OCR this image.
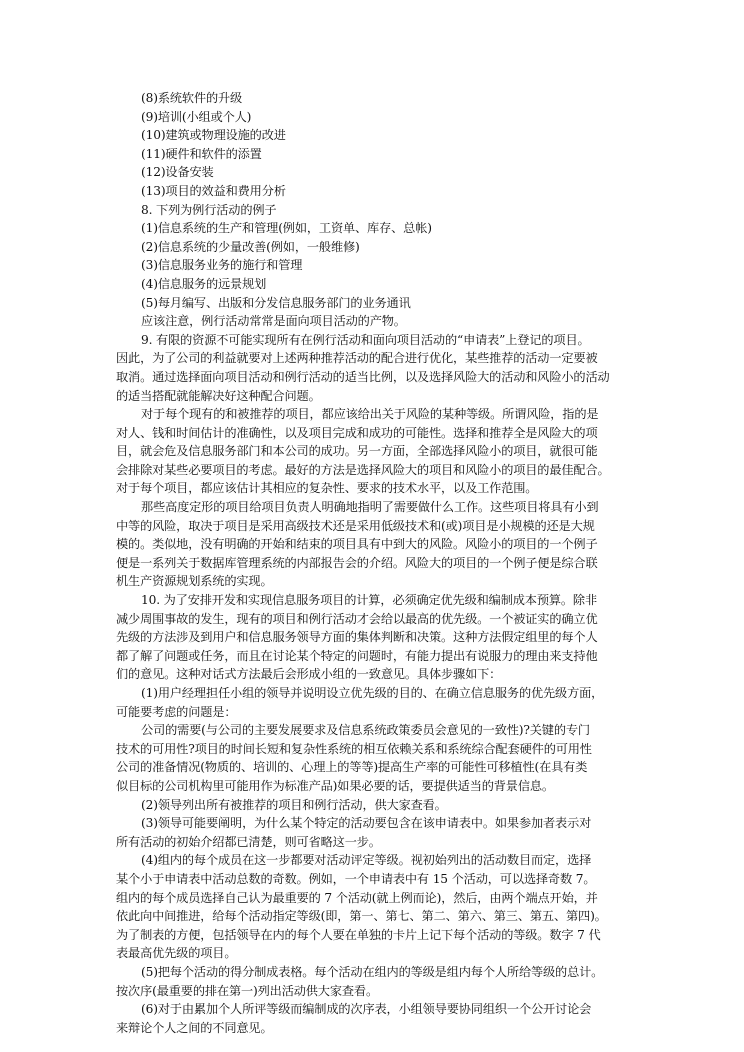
(8)系统软件的升级
(9)培训(小组或个人)
(10)建筑或物理设施的改进
(11)硬件和软件的添置
(12)设备安装
(13)项目的效益和费用分析
8. 下列为例行活动的例子
(1)信息系统的生产和管理(例如，工资单、库存、总帐)
(2)信息系统的少量改善(例如，一般维修)
(3)信息服务业务的施行和管理
(4)信息服务的远景规划
(5)每月编写、出版和分发信息服务部门的业务通讯
应该注意，例行活动常常是面向项目活动的产物。
9. 有限的资源不可能实现所有在例行活动和面向项目活动的“申请表”上登记的项目。
因此，为了公司的利益就要对上述两种推荐活动的配合进行优化，某些推荐的活动一定要被
取消。通过选择面向项目活动和例行活动的适当比例，以及选择风险大的活动和风险小的活动
的适当搭配就能解决好这种配合问题。
对于每个现有的和被推荐的项目，都应该给出关于风险的某种等级。所谓风险，指的是
对人、钱和时间估计的准确性，以及项目完成和成功的可能性。选择和推荐全是风险大的项
目，就会危及信息服务部门和本公司的成功。另一方面，全部选择风险小的项目，就很可能
会排除对某些必要项目的考虑。最好的方法是选择风险大的项目和风险小的项目的最佳配合。
对于每个项目，都应该估计其相应的复杂性、要求的技术水平，以及工作范围。
那些高度定形的项目给项目负责人明确地指明了需要做什么工作。这些项目将具有小到
中等的风险，取决于项目是采用高级技术还是采用低级技术和(或)项目是小规模的还是大规
模的。类似地，没有明确的开始和结束的项目具有中到大的风险。风险小的项目的一个例子
便是一系列关于数据库管理系统的内部报告会的介绍。风险大的项目的一个例子便是综合联
机生产资源规划系统的实现。
10. 为了安排开发和实现信息服务项目的计算，必须确定优先级和编制成本预算。除非
减少周围事故的发生，现有的项目和例行活动才会给以最高的优先级。一个被证实的确立优
先级的方法涉及到用户和信息服务领导方面的集体判断和决策。这种方法假定组里的每个人
都了解了问题或任务，而且在讨论某个特定的问题时，有能力提出有说服力的理由来支持他
们的意见。这种对话式方法最后会形成小组的一致意见。具体步骤如下：
(1)用户经理担任小组的领导并说明设立优先级的目的、在确立信息服务的优先级方面，
可能要考虑的问题是：
公司的需要(与公司的主要发展要求及信息系统政策委员会意见的一致性)?关键的专门
技术的可用性?项目的时间长短和复杂性系统的相互依赖关系和系统综合配套硬件的可用性
公司的准备情况(物质的、培训的、心理上的等等)提高生产率的可能性可移植性(在具有类
似目标的公司机构里可能用作为标准产品)如果必要的话，要提供适当的背景信息。
(2)领导列出所有被推荐的项目和例行活动，供大家查看。
(3)领导可能要阐明，为什么某个特定的活动要包含在该申请表中。如果参加者表示对
所有活动的初始介绍都已清楚，则可省略这一步。
(4)组内的每个成员在这一步都要对活动评定等级。视初始列出的活动数目而定，选择
某个小于申请表中活动总数的奇数。例如，一个申请表中有 15 个活动，可以选择奇数 7。
组内的每个成员选择自己认为最重要的 7 个活动(就上例而论)，然后，由两个端点开始，并
依此向中间推进，给每个活动指定等级(即，第一、第七、第二、第六、第三、第五、第四)。
为了制表的方便，包括领导在内的每个人要在单独的卡片上记下每个活动的等级。数字 7 代
表最高优先级的项目。
(5)把每个活动的得分制成表格。每个活动在组内的等级是组内每个人所给等级的总计。
按次序(最重要的排在第一)列出活动供大家查看。
(6)对于由累加个人所评等级而编制成的次序表，小组领导要协同组织一个公开讨论会
来辩论个人之间的不同意见。
